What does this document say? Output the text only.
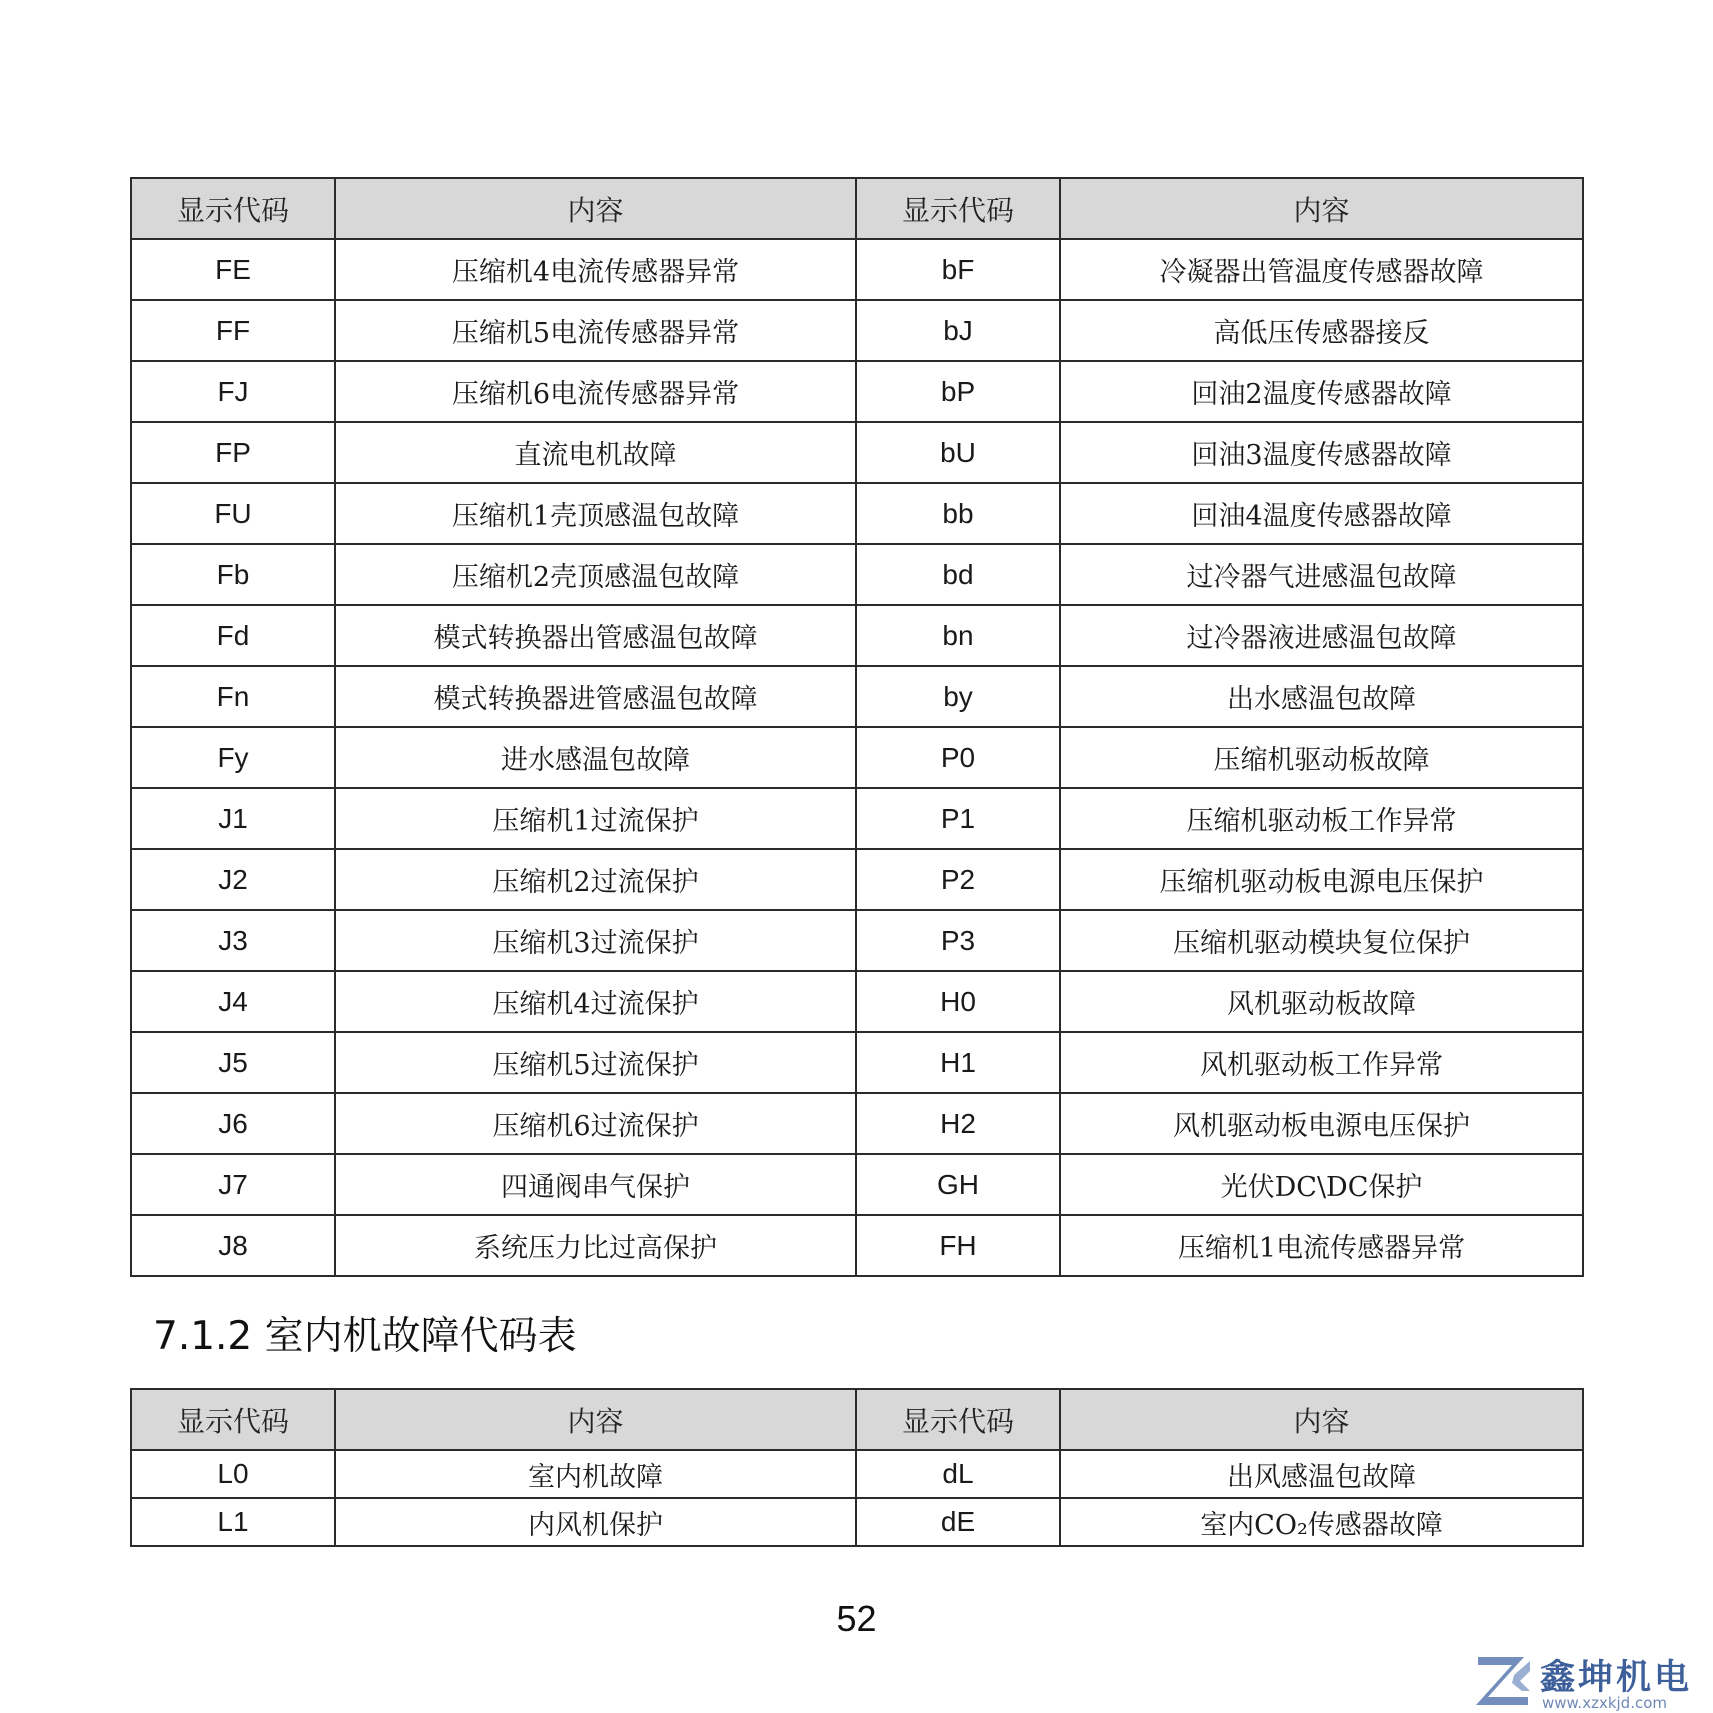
显示代码	内容	显示代码	内容
FE	压缩机4电流传感器异常	bF	冷凝器出管温度传感器故障
FF	压缩机5电流传感器异常	bJ	高低压传感器接反
FJ	压缩机6电流传感器异常	bP	回油2温度传感器故障
FP	直流电机故障	bU	回油3温度传感器故障
FU	压缩机1壳顶感温包故障	bb	回油4温度传感器故障
Fb	压缩机2壳顶感温包故障	bd	过冷器气进感温包故障
Fd	模式转换器出管感温包故障	bn	过冷器液进感温包故障
Fn	模式转换器进管感温包故障	by	出水感温包故障
Fy	进水感温包故障	P0	压缩机驱动板故障
J1	压缩机1过流保护	P1	压缩机驱动板工作异常
J2	压缩机2过流保护	P2	压缩机驱动板电源电压保护
J3	压缩机3过流保护	P3	压缩机驱动模块复位保护
J4	压缩机4过流保护	H0	风机驱动板故障
J5	压缩机5过流保护	H1	风机驱动板工作异常
J6	压缩机6过流保护	H2	风机驱动板电源电压保护
J7	四通阀串气保护	GH	光伏DC\DC保护
J8	系统压力比过高保护	FH	压缩机1电流传感器异常
7.1.2 室内机故障代码表
显示代码	内容	显示代码	内容
L0	室内机故障	dL	出风感温包故障
L1	内风机保护	dE	室内CO₂传感器故障
52
鑫坤机电
www.xzxkjd.com
